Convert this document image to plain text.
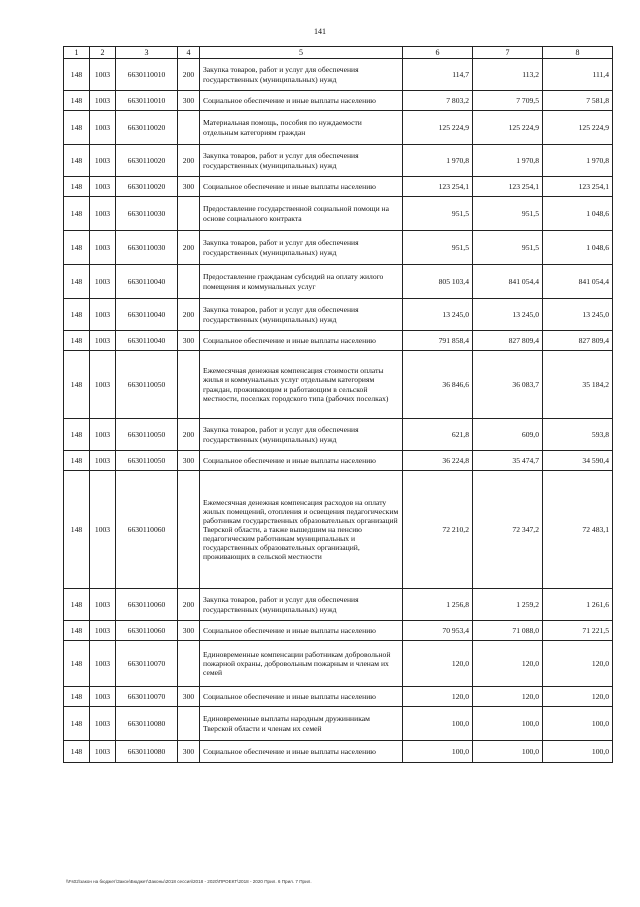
141
1	2	3	4	5	6	7	8
148	1003	6630110010	200	Закупка товаров, работ и услуг для обеспечения государственных (муниципальных) нужд	114,7	113,2	111,4
148	1003	6630110010	300	Социальное обеспечение и иные выплаты населению	7 803,2	7 709,5	7 581,8
148	1003	6630110020		Материальная помощь, пособия по нуждаемости отдельным категориям граждан	125 224,9	125 224,9	125 224,9
148	1003	6630110020	200	Закупка товаров, работ и услуг для обеспечения государственных (муниципальных) нужд	1 970,8	1 970,8	1 970,8
148	1003	6630110020	300	Социальное обеспечение и иные выплаты населению	123 254,1	123 254,1	123 254,1
148	1003	6630110030		Предоставление государственной социальной помощи на основе социального контракта	951,5	951,5	1 048,6
148	1003	6630110030	200	Закупка товаров, работ и услуг для обеспечения государственных (муниципальных) нужд	951,5	951,5	1 048,6
148	1003	6630110040		Предоставление гражданам субсидий на оплату жилого помещения и коммунальных услуг	805 103,4	841 054,4	841 054,4
148	1003	6630110040	200	Закупка товаров, работ и услуг для обеспечения государственных (муниципальных) нужд	13 245,0	13 245,0	13 245,0
148	1003	6630110040	300	Социальное обеспечение и иные выплаты населению	791 858,4	827 809,4	827 809,4
148	1003	6630110050		Ежемесячная денежная компенсация стоимости оплаты жилья и коммунальных услуг отдельным категориям граждан, проживающим и работающим в сельской местности, поселках городского типа (рабочих поселках)	36 846,6	36 083,7	35 184,2
148	1003	6630110050	200	Закупка товаров, работ и услуг для обеспечения государственных (муниципальных) нужд	621,8	609,0	593,8
148	1003	6630110050	300	Социальное обеспечение и иные выплаты населению	36 224,8	35 474,7	34 590,4
148	1003	6630110060		Ежемесячная денежная компенсация расходов на оплату жилых помещений, отопления и освещения педагогическим работникам государственных образовательных организаций Тверской области, а также вышедшим на пенсию педагогическим работникам муниципальных и государственных образовательных организаций, проживающих в сельской местности	72 210,2	72 347,2	72 483,1
148	1003	6630110060	200	Закупка товаров, работ и услуг для обеспечения государственных (муниципальных) нужд	1 256,8	1 259,2	1 261,6
148	1003	6630110060	300	Социальное обеспечение и иные выплаты населению	70 953,4	71 088,0	71 221,5
148	1003	6630110070		Единовременные компенсации работникам добровольной пожарной охраны, добровольным пожарным и членам их семей	120,0	120,0	120,0
148	1003	6630110070	300	Социальное обеспечение и иные выплаты населению	120,0	120,0	120,0
148	1003	6630110080		Единовременные выплаты народным дружинникам Тверской области и членам их семей	100,0	100,0	100,0
148	1003	6630110080	300	Социальное обеспечение и иные выплаты населению	100,0	100,0	100,0
\\Fs02\закон на бюджет\Закон\Бюджет\Законы\2018 сессия\2018 - 2020\ПРОЕКТ\2018 - 2020 Прил. 6 Прил. 7 Прил.
